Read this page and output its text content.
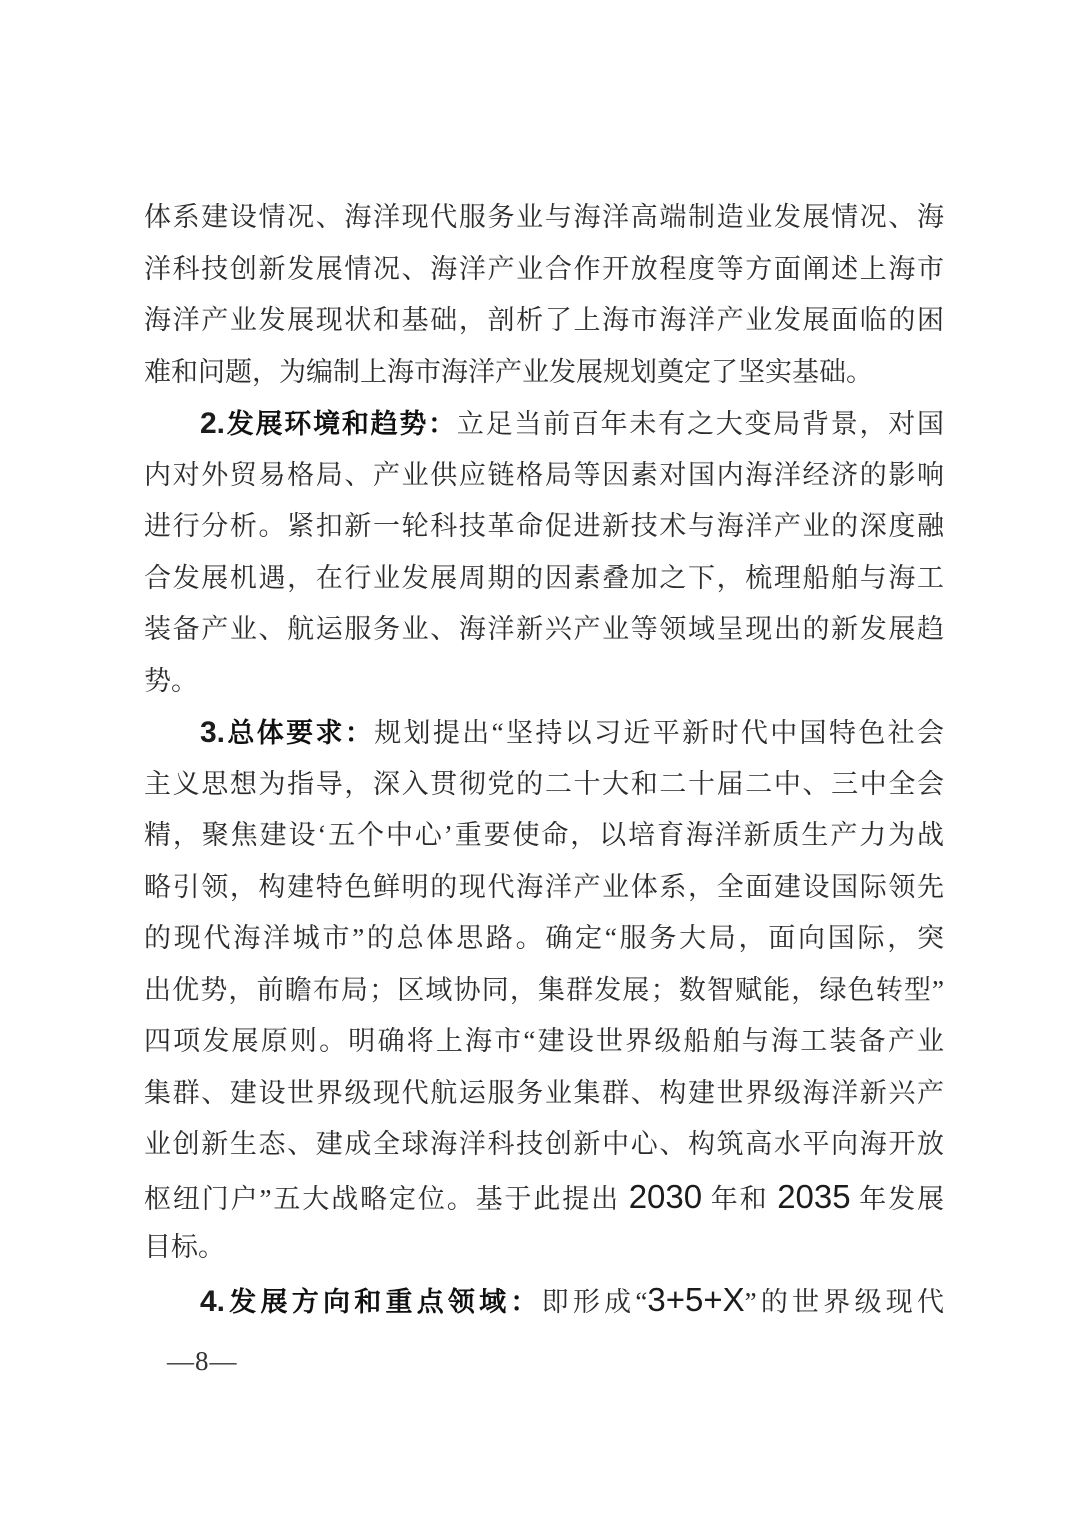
体系建设情况、海洋现代服务业与海洋高端制造业发展情况、海
洋科技创新发展情况、海洋产业合作开放程度等方面阐述上海市
海洋产业发展现状和基础，剖析了上海市海洋产业发展面临的困
难和问题，为编制上海市海洋产业发展规划奠定了坚实基础。
2.发展环境和趋势：立足当前百年未有之大变局背景，对国
内对外贸易格局、产业供应链格局等因素对国内海洋经济的影响
进行分析。紧扣新一轮科技革命促进新技术与海洋产业的深度融
合发展机遇，在行业发展周期的因素叠加之下，梳理船舶与海工
装备产业、航运服务业、海洋新兴产业等领域呈现出的新发展趋
势。
3.总体要求：规划提出“坚持以习近平新时代中国特色社会
主义思想为指导，深入贯彻党的二十大和二十届二中、三中全会
精，聚焦建设‘五个中心’重要使命，以培育海洋新质生产力为战
略引领，构建特色鲜明的现代海洋产业体系，全面建设国际领先
的现代海洋城市”的总体思路。确定“服务大局，面向国际，突
出优势，前瞻布局；区域协同，集群发展；数智赋能，绿色转型”
四项发展原则。明确将上海市“建设世界级船舶与海工装备产业
集群、建设世界级现代航运服务业集群、构建世界级海洋新兴产
业创新生态、建成全球海洋科技创新中心、构筑高水平向海开放
枢纽门户”五大战略定位。基于此提出 2030 年和 2035 年发展
目标。
4.发展方向和重点领域：即形成“3+5+X”的世界级现代
—8—
